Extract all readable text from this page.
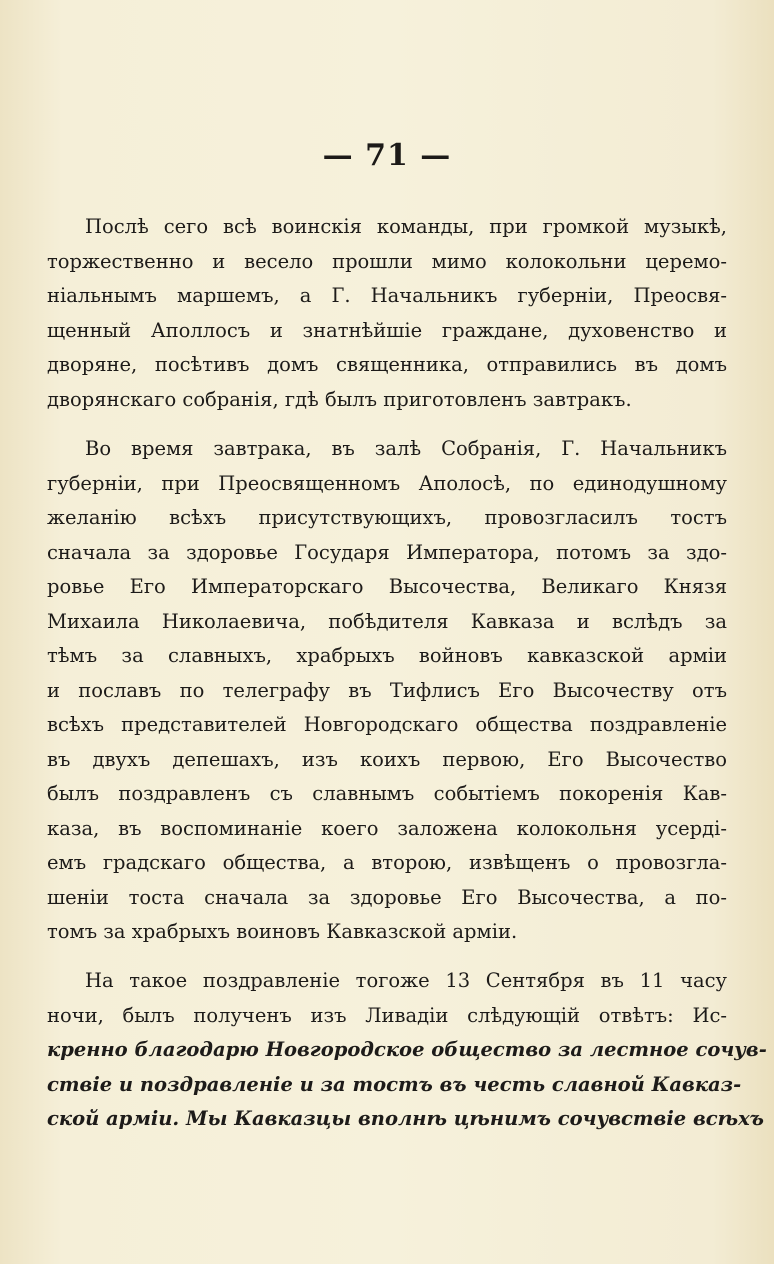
— 71 —
Послѣ сего всѣ воинскія команды, при громкой музыкѣ,
торжественно и весело прошли мимо колокольни церемо-
ніальнымъ маршемъ, а Г. Начальникъ губерніи, Преосвя-
щенный Аполлосъ и знатнѣйшіе граждане, духовенство и
дворяне, посѣтивъ домъ священника, отправились въ домъ
дворянскаго собранія, гдѣ былъ приготовленъ завтракъ.
Во время завтрака, въ залѣ Собранія, Г. Начальникъ
губерніи, при Преосвященномъ Аполосѣ, по единодушному
желанію всѣхъ присутствующихъ, провозгласилъ тостъ
сначала за здоровье Государя Императора, потомъ за здо-
ровье Его Императорскаго Высочества, Великаго Князя
Михаила Николаевича, побѣдителя Кавказа и вслѣдъ за
тѣмъ за славныхъ, храбрыхъ войновъ кавказской арміи
и пославъ по телеграфу въ Тифлисъ Его Высочеству отъ
всѣхъ представителей Новгородскаго общества поздравленіе
въ двухъ депешахъ, изъ коихъ первою, Его Высочество
былъ поздравленъ съ славнымъ событіемъ покоренія Кав-
каза, въ воспоминаніе коего заложена колокольня усерді-
емъ градскаго общества, а второю, извѣщенъ о провозгла-
шеніи тоста сначала за здоровье Его Высочества, а по-
томъ за храбрыхъ воиновъ Кавказской арміи.
На такое поздравленіе тогоже 13 Сентября въ 11 часу
ночи, былъ полученъ изъ Ливадіи слѣдующій отвѣтъ: Ис-
кренно благодарю Новгородское общество за лестное сочув-
ствіе и поздравленіе и за тостъ въ честь славной Кавказ-
ской арміи. Мы Кавказцы вполнѣ цѣнимъ сочувствіе всѣхъ
